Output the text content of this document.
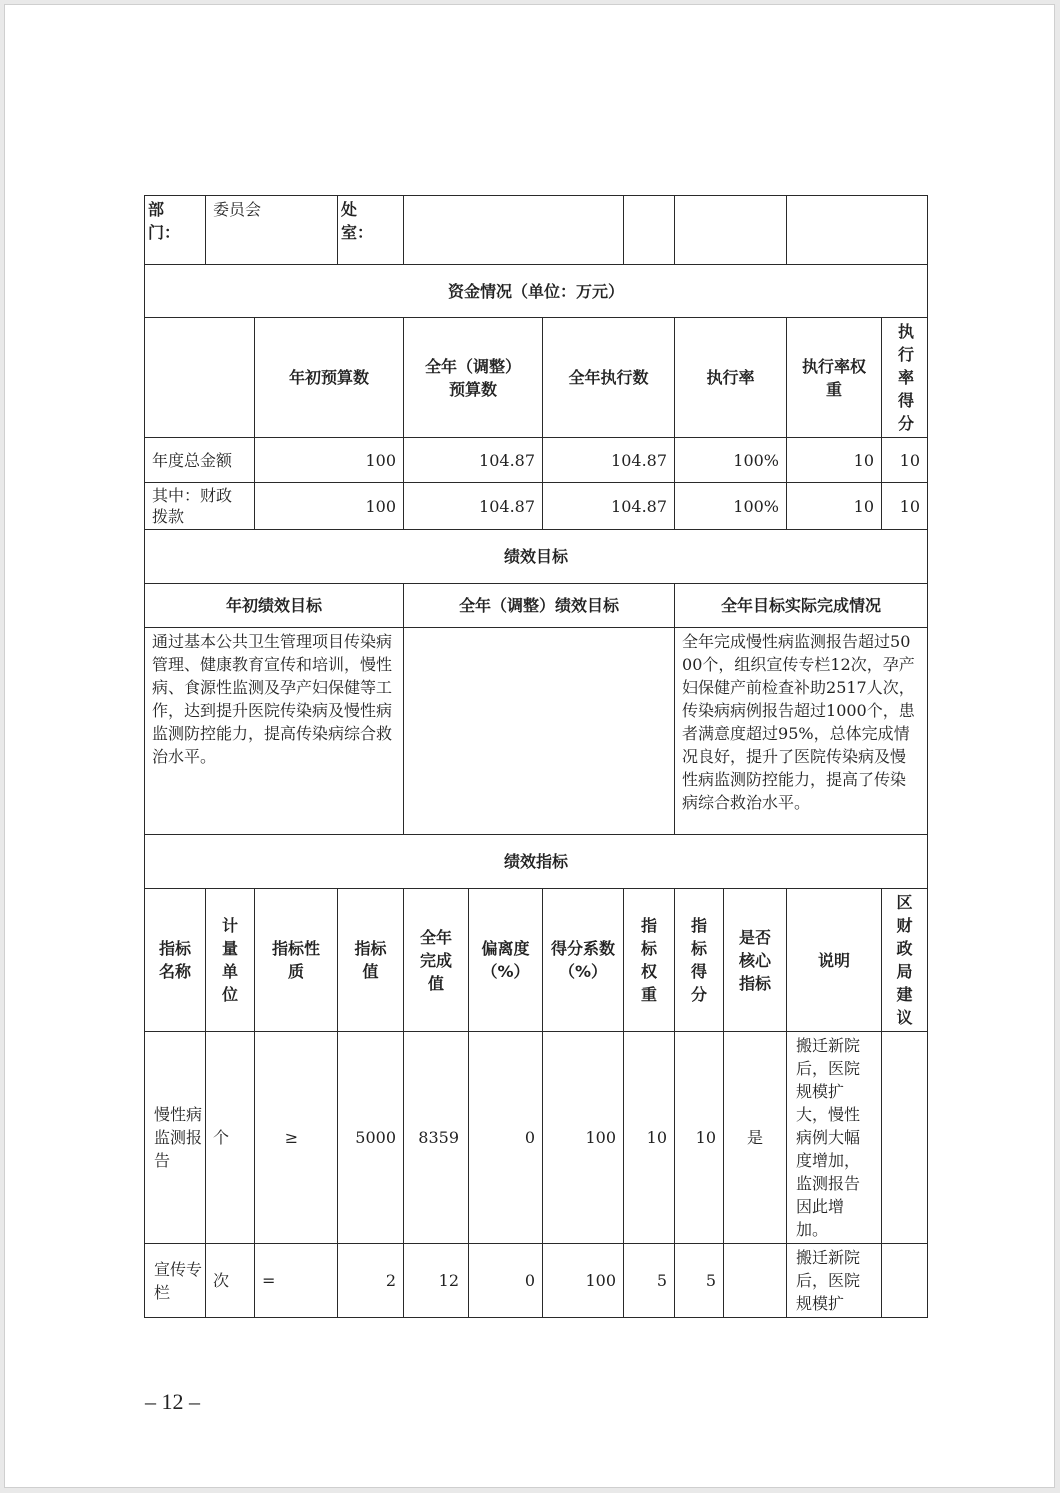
部
门：	委员会		处
室：								
资金情况（单位：万元）											
		年初预算数		全年（调整）预算数		全年执行数		执行率		执行率权重	执行率得分
年度总金额		100		104.87		104.87		100%		10	10
其中：财政拨款		100		104.87		104.87		100%		10	10
绩效目标											
年初绩效目标				全年（调整）绩效目标				全年目标实际完成情况			
通过基本公共卫生管理项目传染病管理、健康教育宣传和培训，慢性病、食源性监测及孕产妇保健等工作，达到提升医院传染病及慢性病监测防控能力，提高传染病综合救治水平。								全年完成慢性病监测报告超过5000个，组织宣传专栏12次，孕产妇保健产前检查补助2517人次，传染病病例报告超过1000个，患者满意度超过95%，总体完成情况良好，提升了医院传染病及慢性病监测防控能力，提高了传染病综合救治水平。			
绩效指标											
指标名称	计量单位	指标性质	指标值	全年完成值	偏离度（%）	得分系数（%）	指标权重	指标得分	是否核心指标	说明	区财政局建议
慢性病监测报告	个	≥	5000	8359	0	100	10	10	是	搬迁新院后，医院规模扩大，慢性病例大幅度增加，监测报告因此增加。	
宣传专栏	次	=	2	12	0	100	5	5		搬迁新院后，医院规模扩	
– 12 –
